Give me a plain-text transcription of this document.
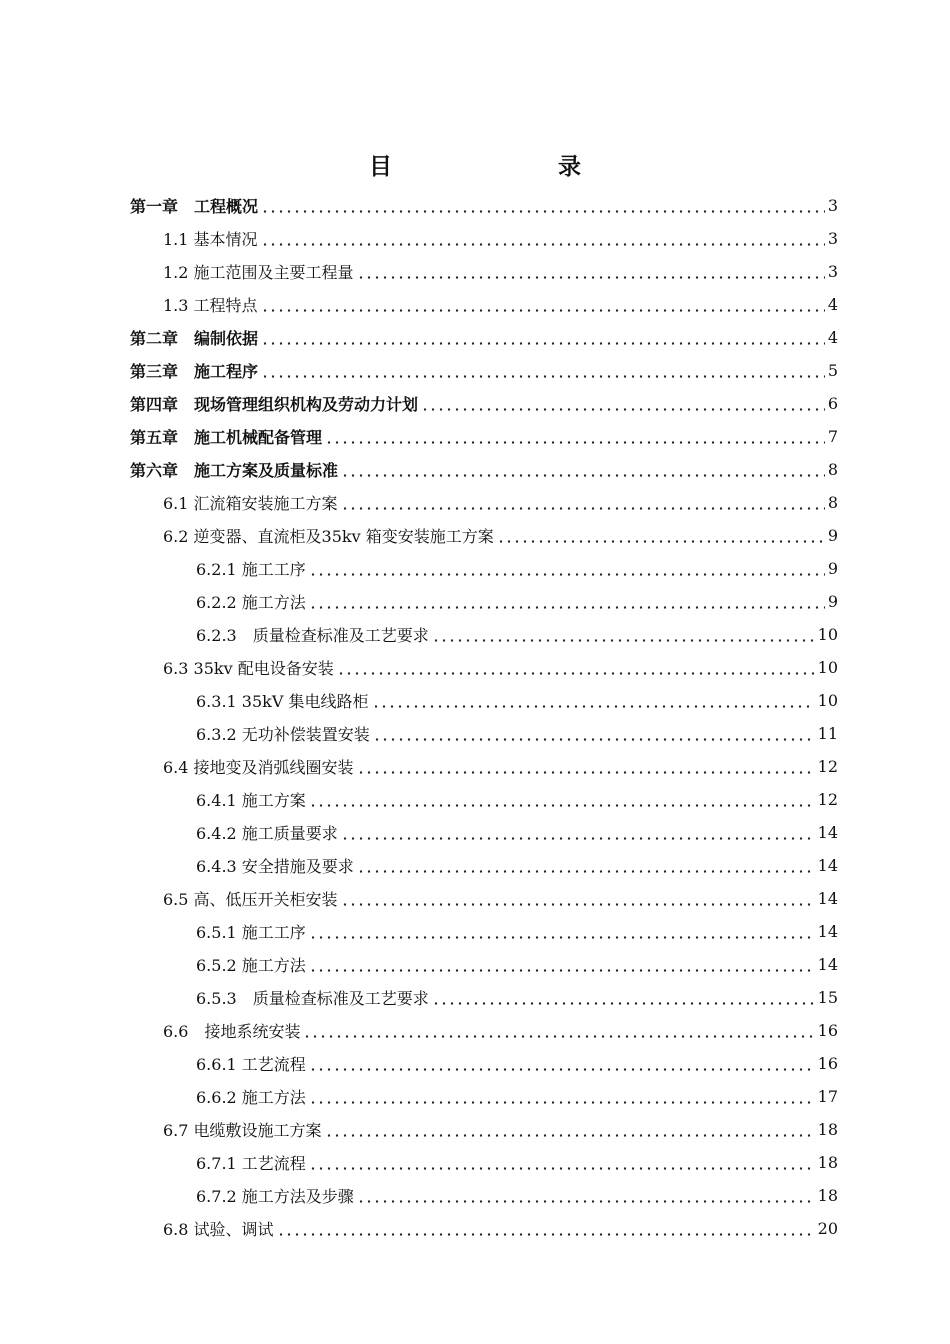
目　　录
第一章　工程概况	3
1.1 基本情况	3
1.2 施工范围及主要工程量	3
1.3 工程特点	4
第二章　编制依据	4
第三章　施工程序	5
第四章　现场管理组织机构及劳动力计划	6
第五章　施工机械配备管理	7
第六章　施工方案及质量标准	8
6.1 汇流箱安装施工方案	8
6.2 逆变器、直流柜及35kv 箱变安装施工方案	9
6.2.1 施工工序	9
6.2.2 施工方法	9
6.2.3　质量检查标准及工艺要求	10
6.3 35kv 配电设备安装	10
6.3.1 35kV 集电线路柜	10
6.3.2 无功补偿装置安装	11
6.4 接地变及消弧线圈安装	12
6.4.1 施工方案	12
6.4.2 施工质量要求	14
6.4.3 安全措施及要求	14
6.5 高、低压开关柜安装	14
6.5.1 施工工序	14
6.5.2 施工方法	14
6.5.3　质量检查标准及工艺要求	15
6.6　接地系统安装	16
6.6.1 工艺流程	16
6.6.2 施工方法	17
6.7 电缆敷设施工方案	18
6.7.1 工艺流程	18
6.7.2 施工方法及步骤	18
6.8 试验、调试	20
